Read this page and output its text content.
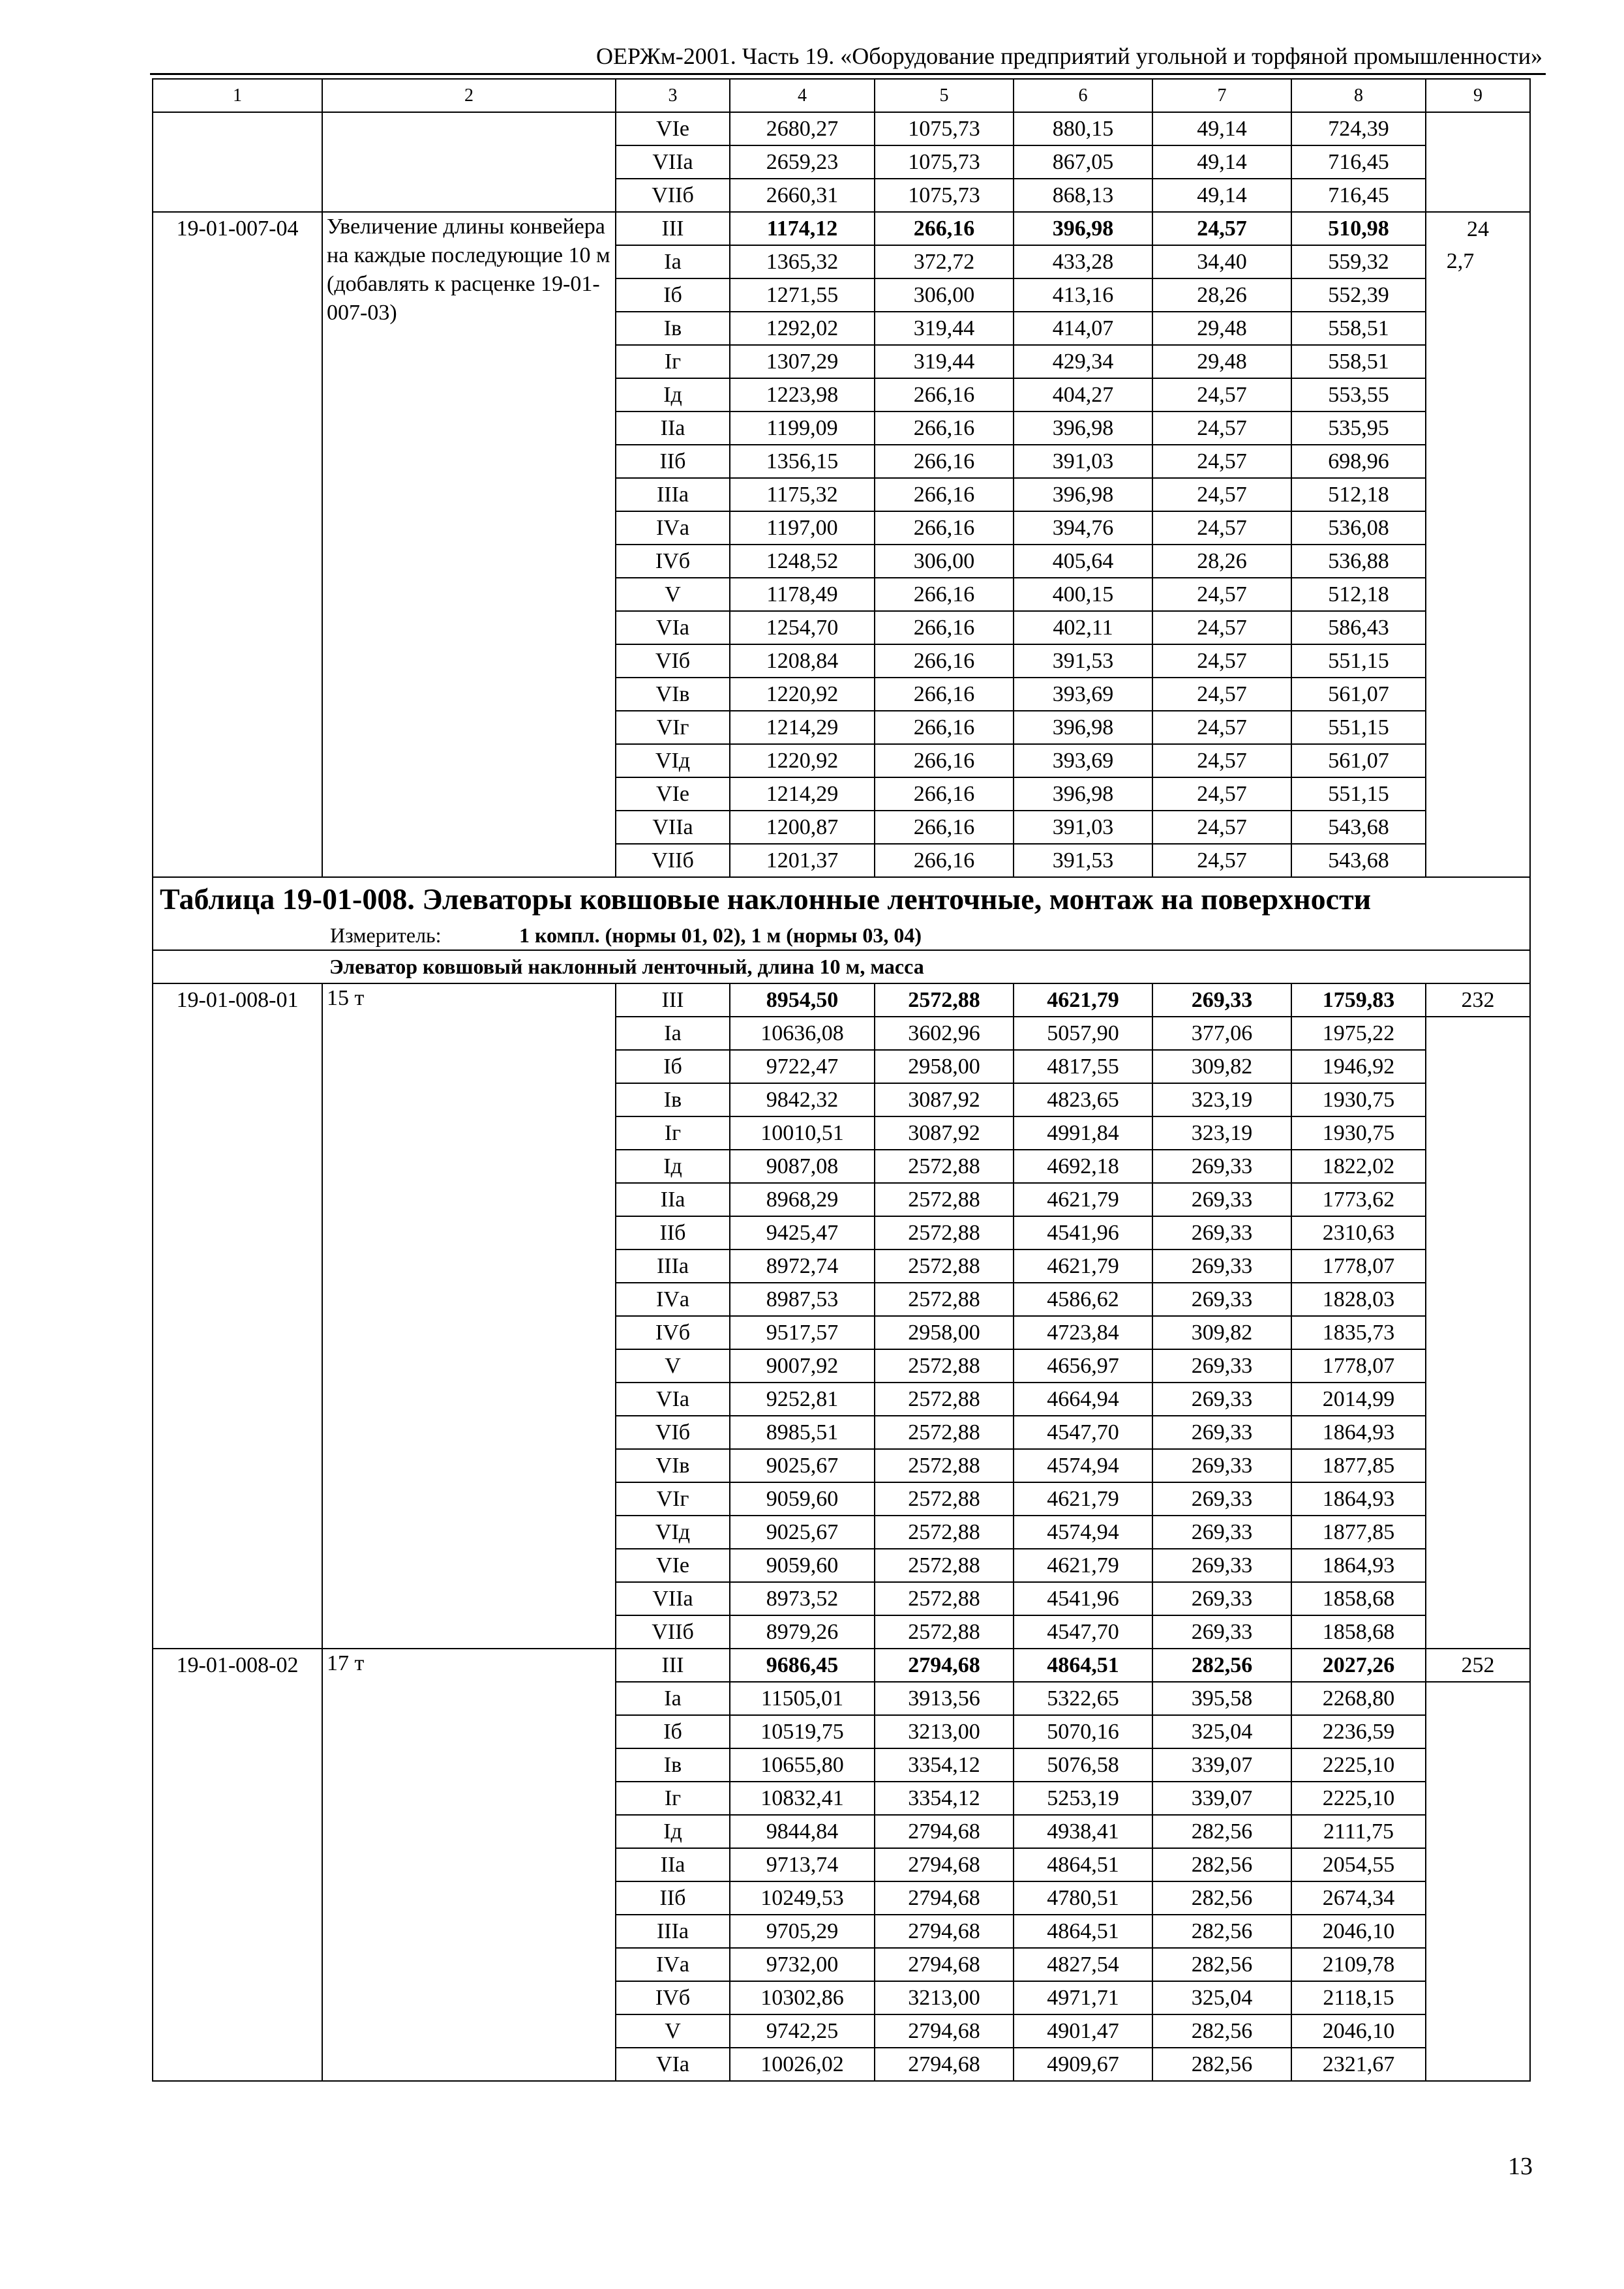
ОЕРЖм-2001. Часть 19. «Оборудование предприятий угольной и торфяной промышленности»
1	2	3	4	5	6	7	8	9
		VIе	2680,27	1075,73	880,15	49,14	724,39	
		VIIа	2659,23	1075,73	867,05	49,14	716,45	
		VIIб	2660,31	1075,73	868,13	49,14	716,45	
19-01-007-04	Увеличение длины конвейера на каждые последующие 10 м (добавлять к расценке 19-01-007-03)	III	1174,12	266,16	396,98	24,57	510,98	24
		Iа	1365,32	372,72	433,28	34,40	559,32	2,7
		Iб	1271,55	306,00	413,16	28,26	552,39	
		Iв	1292,02	319,44	414,07	29,48	558,51	
		Iг	1307,29	319,44	429,34	29,48	558,51	
		Iд	1223,98	266,16	404,27	24,57	553,55	
		IIа	1199,09	266,16	396,98	24,57	535,95	
		IIб	1356,15	266,16	391,03	24,57	698,96	
		IIIа	1175,32	266,16	396,98	24,57	512,18	
		IVа	1197,00	266,16	394,76	24,57	536,08	
		IVб	1248,52	306,00	405,64	28,26	536,88	
		V	1178,49	266,16	400,15	24,57	512,18	
		VIа	1254,70	266,16	402,11	24,57	586,43	
		VIб	1208,84	266,16	391,53	24,57	551,15	
		VIв	1220,92	266,16	393,69	24,57	561,07	
		VIг	1214,29	266,16	396,98	24,57	551,15	
		VIд	1220,92	266,16	393,69	24,57	561,07	
		VIе	1214,29	266,16	396,98	24,57	551,15	
		VIIа	1200,87	266,16	391,03	24,57	543,68	
		VIIб	1201,37	266,16	391,53	24,57	543,68	
Таблица 19-01-008. Элеваторы ковшовые наклонные ленточные, монтаж на поверхности								
Измеритель: 1 компл. (нормы 01, 02), 1 м (нормы 03, 04)								
Элеватор ковшовый наклонный ленточный, длина 10 м, масса								
19-01-008-01	15 т	III	8954,50	2572,88	4621,79	269,33	1759,83	232
		Iа	10636,08	3602,96	5057,90	377,06	1975,22	
		Iб	9722,47	2958,00	4817,55	309,82	1946,92	
		Iв	9842,32	3087,92	4823,65	323,19	1930,75	
		Iг	10010,51	3087,92	4991,84	323,19	1930,75	
		Iд	9087,08	2572,88	4692,18	269,33	1822,02	
		IIа	8968,29	2572,88	4621,79	269,33	1773,62	
		IIб	9425,47	2572,88	4541,96	269,33	2310,63	
		IIIа	8972,74	2572,88	4621,79	269,33	1778,07	
		IVа	8987,53	2572,88	4586,62	269,33	1828,03	
		IVб	9517,57	2958,00	4723,84	309,82	1835,73	
		V	9007,92	2572,88	4656,97	269,33	1778,07	
		VIа	9252,81	2572,88	4664,94	269,33	2014,99	
		VIб	8985,51	2572,88	4547,70	269,33	1864,93	
		VIв	9025,67	2572,88	4574,94	269,33	1877,85	
		VIг	9059,60	2572,88	4621,79	269,33	1864,93	
		VIд	9025,67	2572,88	4574,94	269,33	1877,85	
		VIе	9059,60	2572,88	4621,79	269,33	1864,93	
		VIIа	8973,52	2572,88	4541,96	269,33	1858,68	
		VIIб	8979,26	2572,88	4547,70	269,33	1858,68	
19-01-008-02	17 т	III	9686,45	2794,68	4864,51	282,56	2027,26	252
		Iа	11505,01	3913,56	5322,65	395,58	2268,80	
		Iб	10519,75	3213,00	5070,16	325,04	2236,59	
		Iв	10655,80	3354,12	5076,58	339,07	2225,10	
		Iг	10832,41	3354,12	5253,19	339,07	2225,10	
		Iд	9844,84	2794,68	4938,41	282,56	2111,75	
		IIа	9713,74	2794,68	4864,51	282,56	2054,55	
		IIб	10249,53	2794,68	4780,51	282,56	2674,34	
		IIIа	9705,29	2794,68	4864,51	282,56	2046,10	
		IVа	9732,00	2794,68	4827,54	282,56	2109,78	
		IVб	10302,86	3213,00	4971,71	325,04	2118,15	
		V	9742,25	2794,68	4901,47	282,56	2046,10	
		VIа	10026,02	2794,68	4909,67	282,56	2321,67	
13
